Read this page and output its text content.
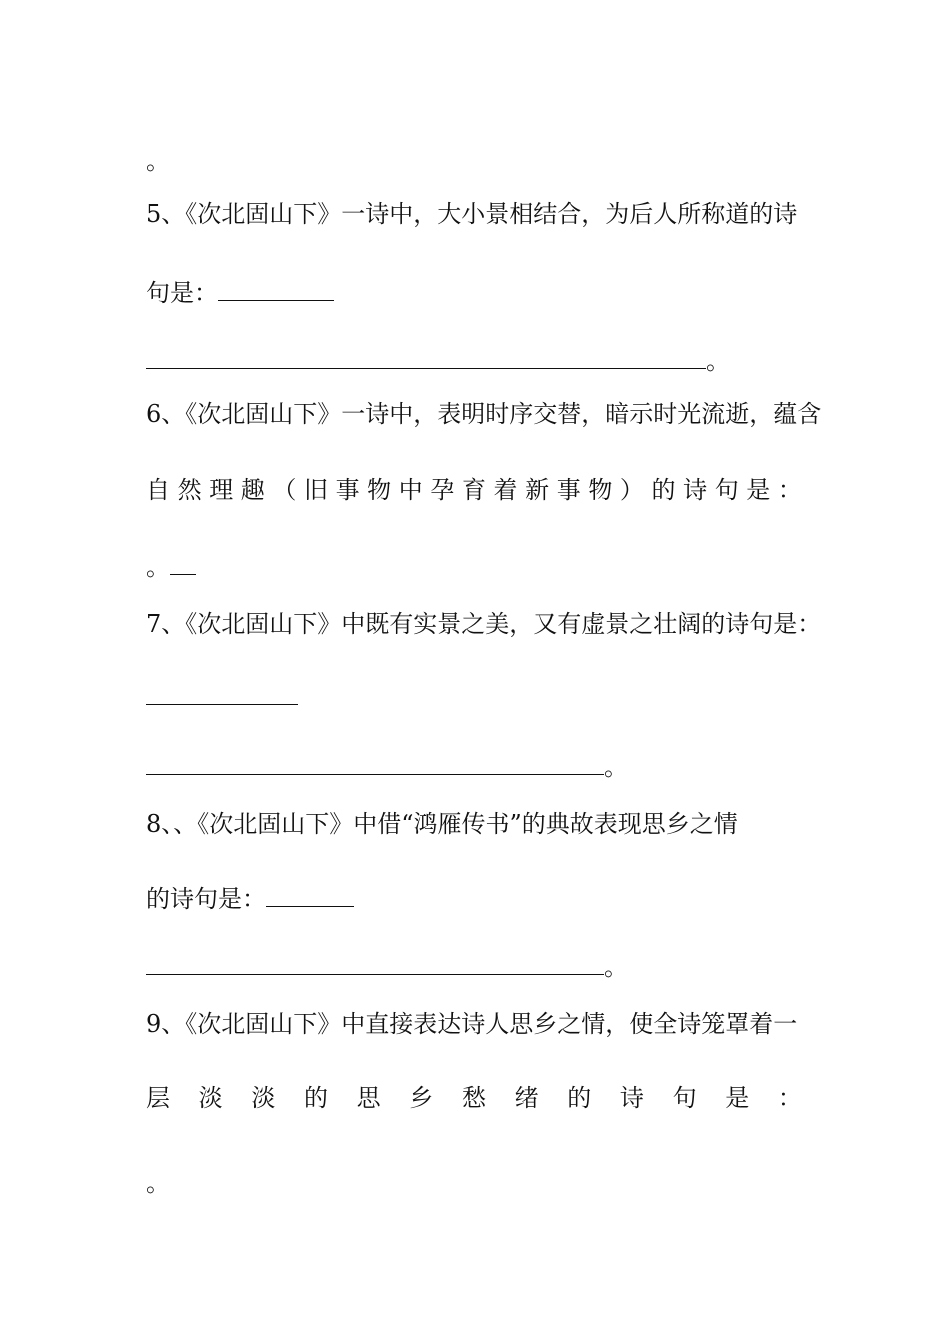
。
5、《次北固山下》一诗中，大小景相结合，为后人所称道的诗
句是：
。
6、《次北固山下》一诗中，表明时序交替，暗示时光流逝，蕴含
自 然 理 趣 （ 旧 事 物 中 孕 育 着 新 事 物 ） 的 诗 句 是 ：
。
7、《次北固山下》中既有实景之美，又有虚景之壮阔的诗句是：
。
8、、《次北固山下》中借“鸿雁传书”的典故表现思乡之情
的诗句是：
。
9、《次北固山下》中直接表达诗人思乡之情，使全诗笼罩着一
层 淡 淡 的 思 乡 愁 绪 的 诗 句 是 ：
。
